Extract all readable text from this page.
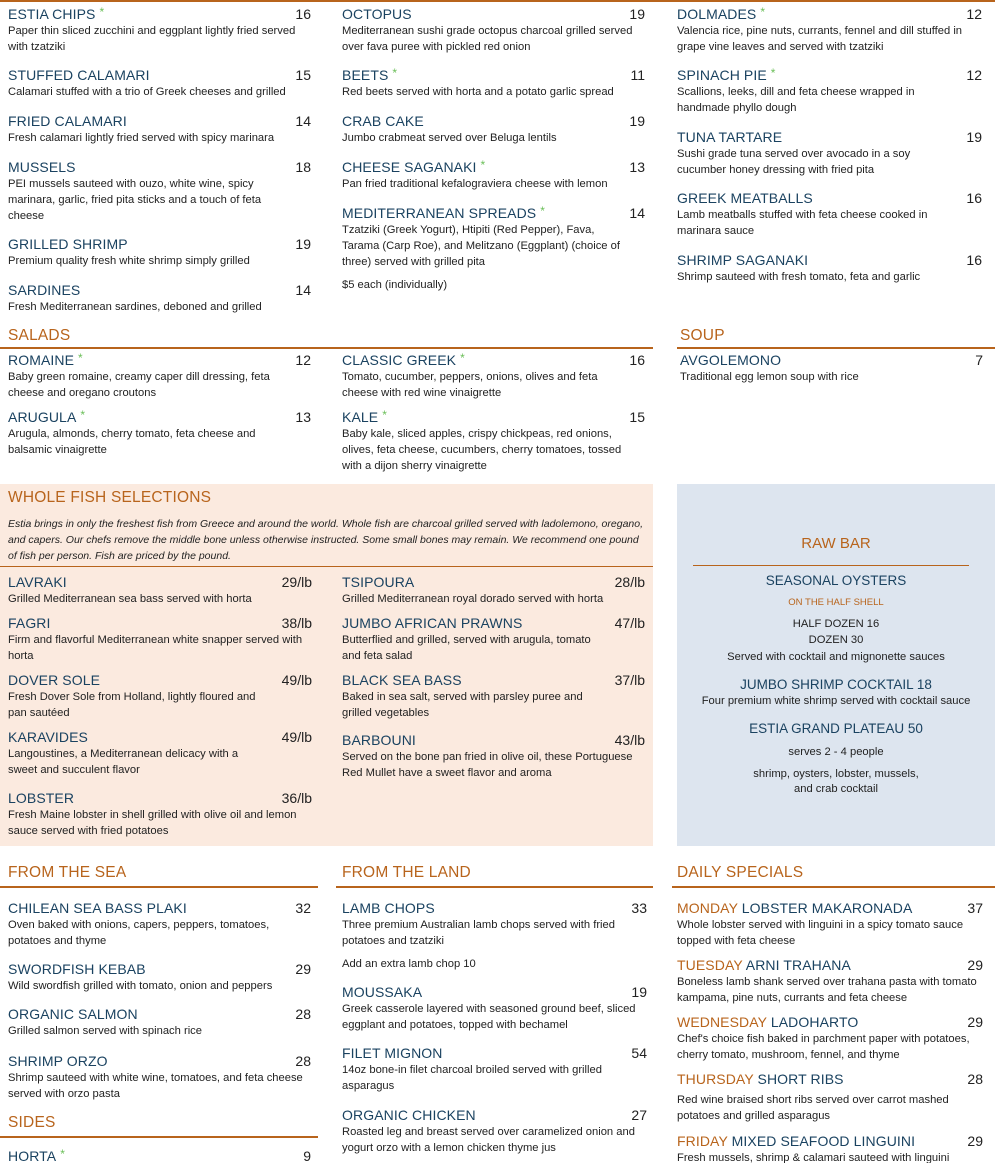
ESTIA CHIPS *	16
Paper thin sliced zucchini and eggplant lightly fried served with tzatziki
STUFFED CALAMARI	15
Calamari stuffed with a trio of Greek cheeses and grilled
FRIED CALAMARI	14
Fresh calamari lightly fried served with spicy marinara
MUSSELS	18
PEI mussels sauteed with ouzo, white wine, spicy marinara, garlic, fried pita sticks and a touch of feta cheese
GRILLED SHRIMP	19
Premium quality fresh white shrimp simply grilled
SARDINES	14
Fresh Mediterranean sardines, deboned and grilled
OCTOPUS	19
Mediterranean sushi grade octopus charcoal grilled served over fava puree with pickled red onion
BEETS *	11
Red beets served with horta and a potato garlic spread
CRAB CAKE	19
Jumbo crabmeat served over Beluga lentils
CHEESE SAGANAKI *	13
Pan fried traditional kefalograviera cheese with lemon
MEDITERRANEAN SPREADS *	14
Tzatziki (Greek Yogurt), Htipiti (Red Pepper), Fava, Tarama (Carp Roe), and Melitzano (Eggplant) (choice of three) served with grilled pita
$5 each (individually)
DOLMADES *	12
Valencia rice, pine nuts, currants, fennel and dill stuffed in grape vine leaves and served with tzatziki
SPINACH PIE *	12
Scallions, leeks, dill and feta cheese wrapped in handmade phyllo dough
TUNA TARTARE	19
Sushi grade tuna served over avocado in a soy cucumber honey dressing with fried pita
GREEK MEATBALLS	16
Lamb meatballs stuffed with feta cheese cooked in marinara sauce
SHRIMP SAGANAKI	16
Shrimp sauteed with fresh tomato, feta and garlic
SALADS
ROMAINE *	12
Baby green romaine, creamy caper dill dressing, feta cheese and oregano croutons
ARUGULA *	13
Arugula, almonds, cherry tomato, feta cheese and balsamic vinaigrette
CLASSIC GREEK *	16
Tomato, cucumber, peppers, onions, olives and feta cheese with red wine vinaigrette
KALE *	15
Baby kale, sliced apples, crispy chickpeas, red onions, olives, feta cheese, cucumbers, cherry tomatoes, tossed with a dijon sherry vinaigrette
SOUP
AVGOLEMONO	7
Traditional egg lemon soup with rice
WHOLE FISH SELECTIONS
Estia brings in only the freshest fish from Greece and around the world. Whole fish are charcoal grilled served with ladolemono, oregano, and capers. Our chefs remove the middle bone unless otherwise instructed. Some small bones may remain. We recommend one pound of fish per person. Fish are priced by the pound.
LAVRAKI	29/lb
Grilled Mediterranean sea bass served with horta
FAGRI	38/lb
Firm and flavorful Mediterranean white snapper served with horta
DOVER SOLE	49/lb
Fresh Dover Sole from Holland, lightly floured and pan sautéed
KARAVIDES	49/lb
Langoustines, a Mediterranean delicacy with a sweet and succulent flavor
LOBSTER	36/lb
Fresh Maine lobster in shell grilled with olive oil and lemon sauce served with fried potatoes
TSIPOURA	28/lb
Grilled Mediterranean royal dorado served with horta
JUMBO AFRICAN PRAWNS	47/lb
Butterflied and grilled, served with arugula, tomato and feta salad
BLACK SEA BASS	37/lb
Baked in sea salt, served with parsley puree and grilled vegetables
BARBOUNI	43/lb
Served on the bone pan fried in olive oil, these Portuguese Red Mullet have a sweet flavor and aroma
RAW BAR
SEASONAL OYSTERS
ON THE HALF SHELL
HALF DOZEN 16
DOZEN 30
Served with cocktail and mignonette sauces
JUMBO SHRIMP COCKTAIL 18
Four premium white shrimp served with cocktail sauce
ESTIA GRAND PLATEAU 50
serves 2 - 4 people
shrimp, oysters, lobster, mussels,
and crab cocktail
FROM THE SEA
CHILEAN SEA BASS PLAKI	32
Oven baked with onions, capers, peppers, tomatoes, potatoes and thyme
SWORDFISH KEBAB	29
Wild swordfish grilled with tomato, onion and peppers
ORGANIC SALMON	28
Grilled salmon served with spinach rice
SHRIMP ORZO	28
Shrimp sauteed with white wine, tomatoes, and feta cheese served with orzo pasta
SIDES
HORTA *	9
FROM THE LAND
LAMB CHOPS	33
Three premium Australian lamb chops served with fried potatoes and tzatziki
Add an extra lamb chop 10
MOUSSAKA	19
Greek casserole layered with seasoned ground beef, sliced eggplant and potatoes, topped with bechamel
FILET MIGNON	54
14oz bone-in filet charcoal broiled served with grilled asparagus
ORGANIC CHICKEN	27
Roasted leg and breast served over caramelized onion and yogurt orzo with a lemon chicken thyme jus
DAILY SPECIALS
MONDAY LOBSTER MAKARONADA	37
Whole lobster served with linguini in a spicy tomato sauce topped with feta cheese
TUESDAY ARNI TRAHANA	29
Boneless lamb shank served over trahana pasta with tomato kampama, pine nuts, currants and feta cheese
WEDNESDAY LADOHARTO	29
Chef's choice fish baked in parchment paper with potatoes, cherry tomato, mushroom, fennel, and thyme
THURSDAY SHORT RIBS	28
Red wine braised short ribs served over carrot mashed potatoes and grilled asparagus
FRIDAY MIXED SEAFOOD LINGUINI	29
Fresh mussels, shrimp & calamari sauteed with linguini
